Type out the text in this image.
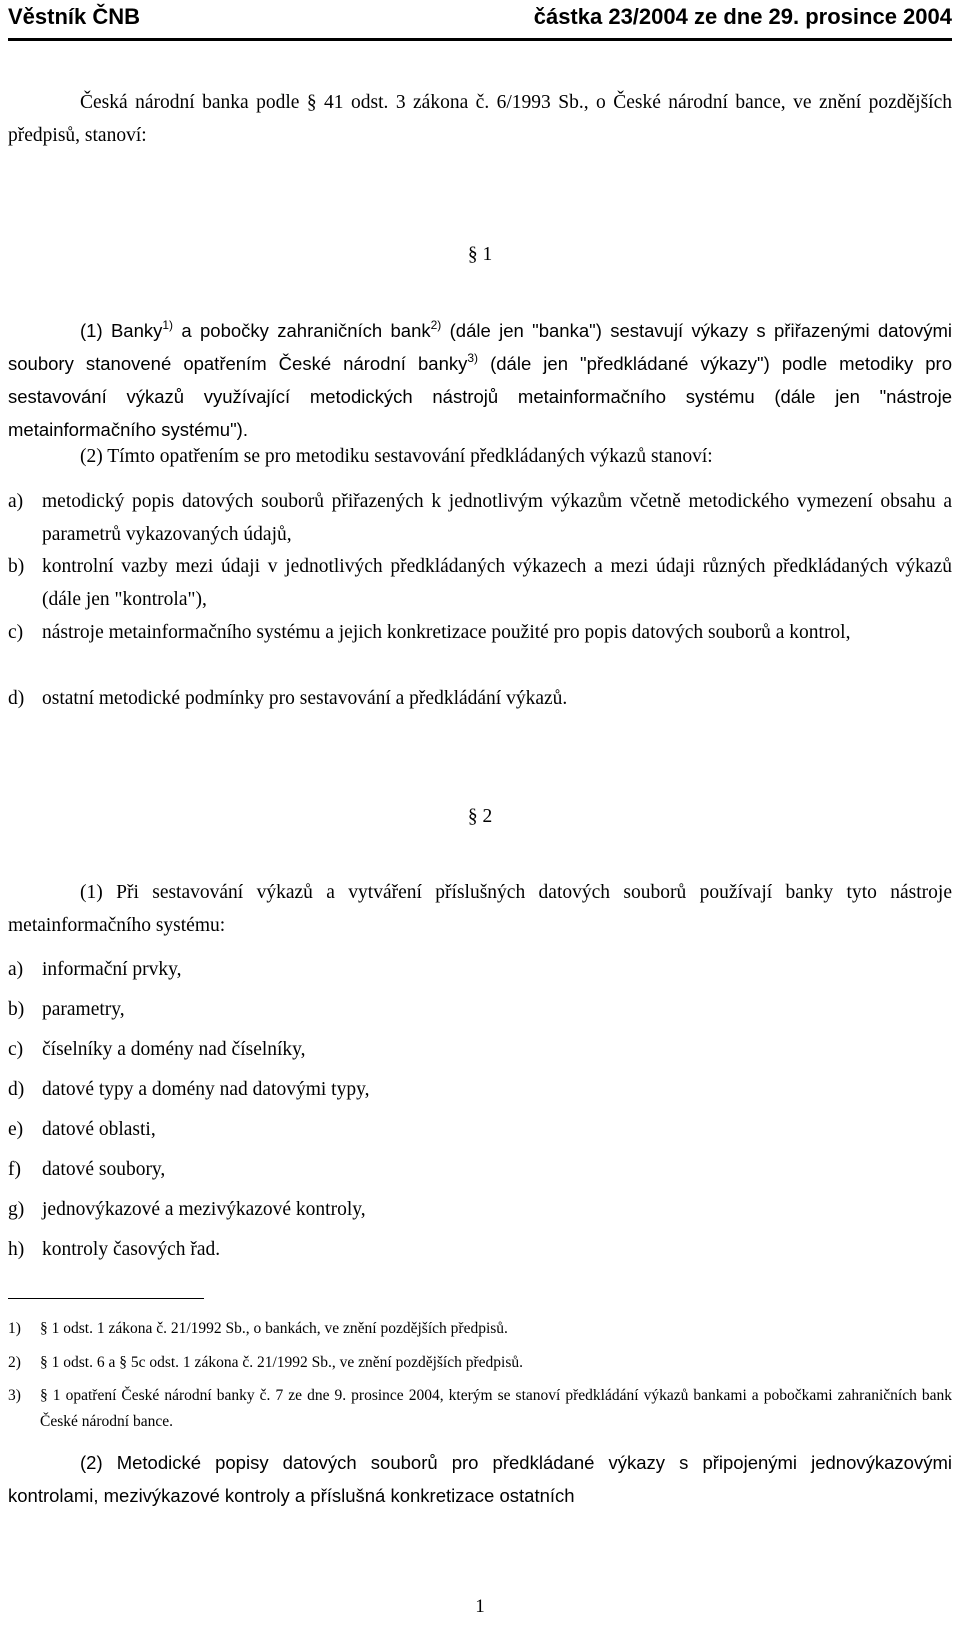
Věstník ČNB	částka 23/2004 ze dne 29. prosince 2004
Česká národní banka podle § 41 odst. 3 zákona č. 6/1993 Sb., o České národní bance, ve znění pozdějších předpisů, stanoví:
§ 1
(1) Banky$^{1)}$ a pobočky zahraničních bank$^{2)}$ (dále jen "banka") sestavují výkazy s přiřazenými datovými soubory stanovené opatřením České národní banky$^{3)}$ (dále jen "předkládané výkazy") podle metodiky pro sestavování výkazů využívající metodických nástrojů metainformačního systému (dále jen "nástroje metainformačního systému").
(2) Tímto opatřením se pro metodiku sestavování předkládaných výkazů stanoví:
a) metodický popis datových souborů přiřazených k jednotlivým výkazům včetně metodického vymezení obsahu a parametrů vykazovaných údajů,
b) kontrolní vazby mezi údaji v jednotlivých předkládaných výkazech a mezi údaji různých předkládaných výkazů (dále jen "kontrola"),
c) nástroje metainformačního systému a jejich konkretizace použité pro popis datových souborů a kontrol,
d) ostatní metodické podmínky pro sestavování a předkládání výkazů.
§ 2
(1) Při sestavování výkazů a vytváření příslušných datových souborů používají banky tyto nástroje metainformačního systému:
a) informační prvky,
b) parametry,
c) číselníky a domény nad číselníky,
d) datové typy a domény nad datovými typy,
e) datové oblasti,
f)	datové soubory,
g) jednovýkazové a mezivýkazové kontroly,
h) kontroly časových řad.
1)	§ 1 odst. 1 zákona č. 21/1992 Sb., o bankách, ve znění pozdějších předpisů.
2)	§ 1 odst. 6 a § 5c odst. 1 zákona č. 21/1992 Sb., ve znění pozdějších předpisů.
3)	§ 1 opatření České národní banky č. 7 ze dne 9. prosince 2004, kterým se stanoví předkládání výkazů bankami a pobočkami zahraničních bank České národní bance.
(2) Metodické popisy datových souborů pro předkládané výkazy s připojenými jednovýkazovými kontrolami, mezivýkazové kontroly a příslušná konkretizace ostatních
1
